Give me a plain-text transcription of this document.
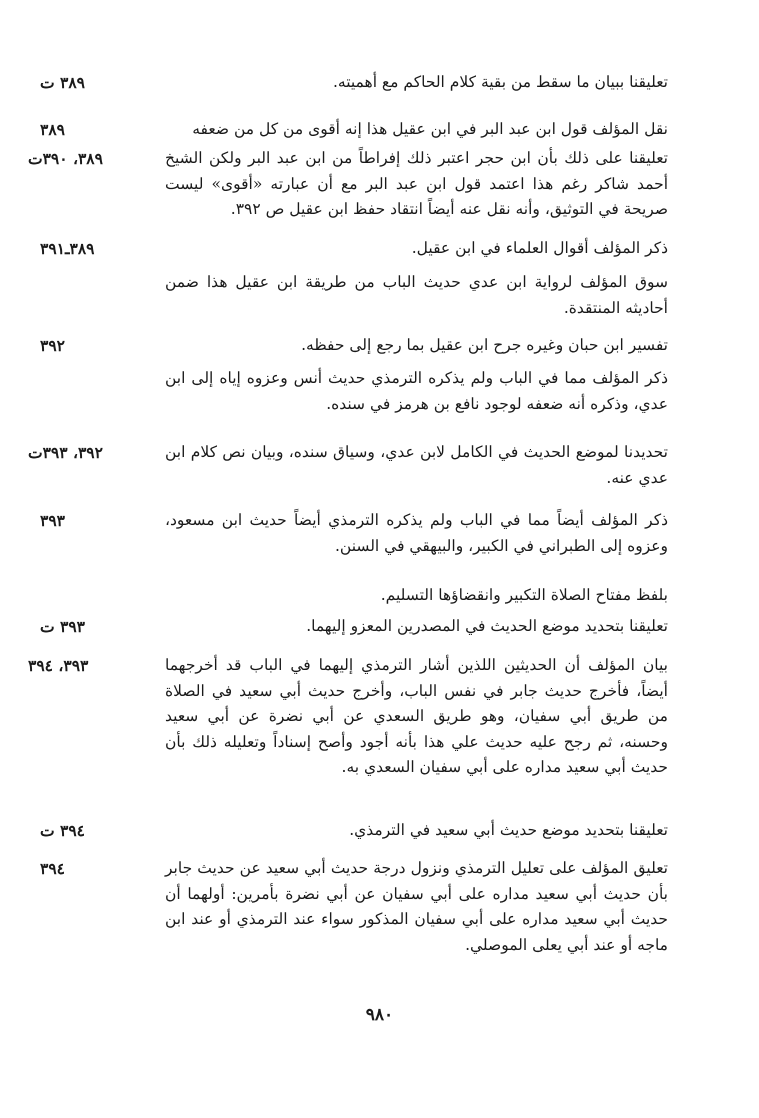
٣٨٩ ت	تعليقنا ببيان ما سقط من بقية كلام الحاكم مع أهميته.
٣٨٩	نقل المؤلف قول ابن عبد البر في ابن عقيل هذا إنه أقوى من كل من ضعفه
٣٨٩، ٣٩٠ت	تعليقنا على ذلك بأن ابن حجر اعتبر ذلك إفراطاً من ابن عبد البر ولكن الشيخ أحمد شاكر رغم هذا اعتمد قول ابن عبد البر مع أن عبارته «أقوى» ليست صريحة في التوثيق، وأنه نقل عنه أيضاً انتقاد حفظ ابن عقيل ص ٣٩٢.
٣٨٩ـ٣٩١	ذكر المؤلف أقوال العلماء في ابن عقيل.
سوق المؤلف لرواية ابن عدي حديث الباب من طريقة ابن عقيل هذا ضمن أحاديثه المنتقدة.
٣٩٢	تفسير ابن حبان وغيره جرح ابن عقيل بما رجع إلى حفظه.
ذكر المؤلف مما في الباب ولم يذكره الترمذي حديث أنس وعزوه إياه إلى ابن عدي، وذكره أنه ضعفه لوجود نافع بن هرمز في سنده.
٣٩٢، ٣٩٣ت	تحديدنا لموضع الحديث في الكامل لابن عدي، وسياق سنده، وبيان نص كلام ابن عدي عنه.
٣٩٣	ذكر المؤلف أيضاً مما في الباب ولم يذكره الترمذي أيضاً حديث ابن مسعود، وعزوه إلى الطبراني في الكبير، والبيهقي في السنن.
بلفظ مفتاح الصلاة التكبير وانقضاؤها التسليم.
٣٩٣ ت	تعليقنا بتحديد موضع الحديث في المصدرين المعزو إليهما.
٣٩٣، ٣٩٤	بيان المؤلف أن الحديثين اللذين أشار الترمذي إليهما في الباب قد أخرجهما أيضاً، فأخرج حديث جابر في نفس الباب، وأخرج حديث أبي سعيد في الصلاة من طريق أبي سفيان، وهو طريق السعدي عن أبي نضرة عن أبي سعيد وحسنه، ثم رجح عليه حديث علي هذا بأنه أجود وأصح إسناداً وتعليله ذلك بأن حديث أبي سعيد مداره على أبي سفيان السعدي به.
٣٩٤ ت	تعليقنا بتحديد موضع حديث أبي سعيد في الترمذي.
٣٩٤	تعليق المؤلف على تعليل الترمذي ونزول درجة حديث أبي سعيد عن حديث جابر بأن حديث أبي سعيد مداره على أبي سفيان عن أبي نضرة بأمرين: أولهما أن حديث أبي سعيد مداره على أبي سفيان المذكور سواء عند الترمذي أو عند ابن ماجه أو عند أبي يعلى الموصلي.
٩٨٠
